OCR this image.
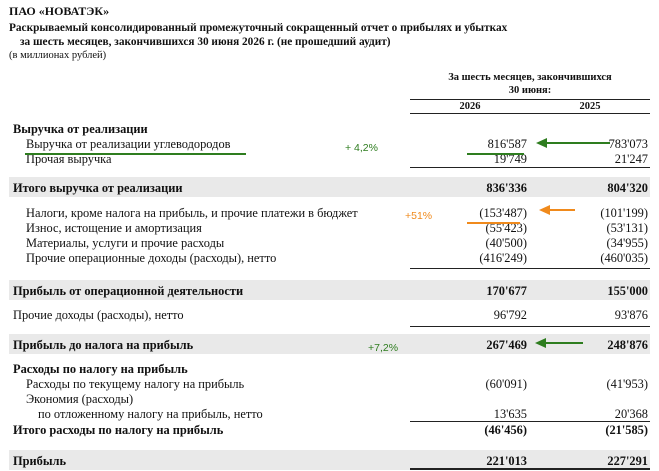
ПАО «НОВАТЭК»
Раскрываемый консолидированный промежуточный сокращенный отчет о прибылях и убытках
за шесть месяцев, закончившихся 30 июня 2026 г. (не прошедший аудит)
(в миллионах рублей)
За шесть месяцев, закончившихся
30 июня:
2026	2025
Выручка от реализации
Выручка от реализации углеводородов	816'587	783'073
Прочая выручка	19'749	21'247
Итого выручка от реализации	836'336	804'320
Налоги, кроме налога на прибыль, и прочие платежи в бюджет	(153'487)	(101'199)
Износ, истощение и амортизация	(55'423)	(53'131)
Материалы, услуги и прочие расходы	(40'500)	(34'955)
Прочие операционные доходы (расходы), нетто	(416'249)	(460'035)
Прибыль от операционной деятельности	170'677	155'000
Прочие доходы (расходы), нетто	96'792	93'876
Прибыль до налога на прибыль	267'469	248'876
Расходы по налогу на прибыль
Расходы по текущему налогу на прибыль	(60'091)	(41'953)
Экономия (расходы)
по отложенному налогу на прибыль, нетто	13'635	20'368
Итого расходы по налогу на прибыль	(46'456)	(21'585)
Прибыль	221'013	227'291
+ 4,2%
+51%
+7,2%
